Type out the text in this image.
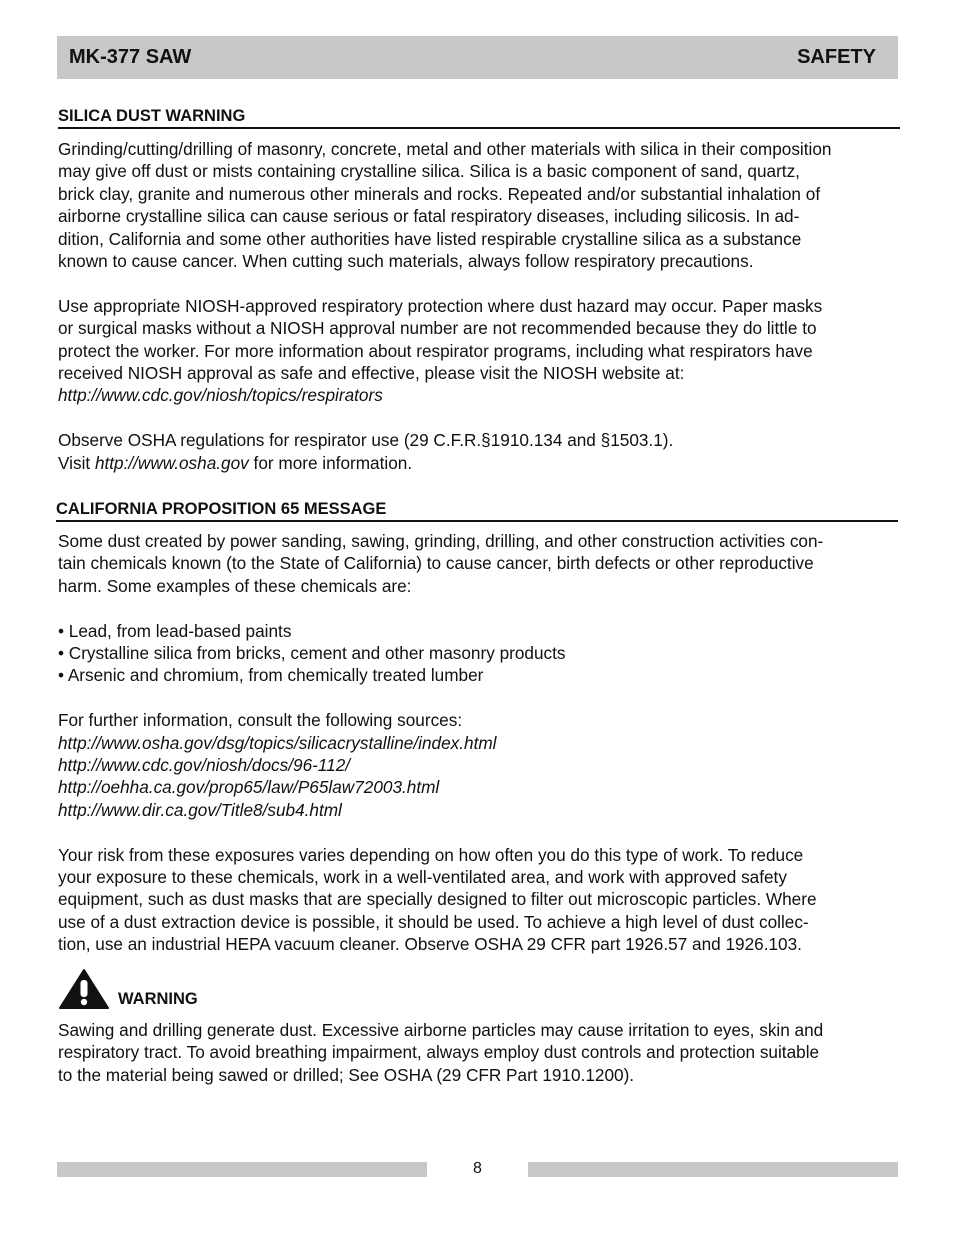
MK-377 SAW	SAFETY
SILICA DUST WARNING

Grinding/cutting/drilling of masonry, concrete, metal and other materials with silica in their composition
may give off dust or mists containing crystalline silica. Silica is a basic component of sand, quartz,
brick clay, granite and numerous other minerals and rocks. Repeated and/or substantial inhalation of
airborne crystalline silica can cause serious or fatal respiratory diseases, including silicosis. In ad-
dition, California and some other authorities have listed respirable crystalline silica as a substance
known to cause cancer. When cutting such materials, always follow respiratory precautions.

Use appropriate NIOSH-approved respiratory protection where dust hazard may occur. Paper masks
or surgical masks without a NIOSH approval number are not recommended because they do little to
protect the worker. For more information about respirator programs, including what respirators have
received NIOSH approval as safe and effective, please visit the NIOSH website at:
http://www.cdc.gov/niosh/topics/respirators

Observe OSHA regulations for respirator use (29 C.F.R.§1910.134 and §1503.1).
Visit http://www.osha.gov for more information.

CALIFORNIA PROPOSITION 65 MESSAGE

Some dust created by power sanding, sawing, grinding, drilling, and other construction activities con-
tain chemicals known (to the State of California) to cause cancer, birth defects or other reproductive
harm. Some examples of these chemicals are:

• Lead, from lead-based paints
• Crystalline silica from bricks, cement and other masonry products
• Arsenic and chromium, from chemically treated lumber

For further information, consult the following sources:
http://www.osha.gov/dsg/topics/silicacrystalline/index.html
http://www.cdc.gov/niosh/docs/96-112/
http://oehha.ca.gov/prop65/law/P65law72003.html
http://www.dir.ca.gov/Title8/sub4.html

Your risk from these exposures varies depending on how often you do this type of work. To reduce
your exposure to these chemicals, work in a well-ventilated area, and work with approved safety
equipment, such as dust masks that are specially designed to filter out microscopic particles. Where
use of a dust extraction device is possible, it should be used. To achieve a high level of dust collec-
tion, use an industrial HEPA vacuum cleaner. Observe OSHA 29 CFR part 1926.57 and 1926.103.

WARNING

Sawing and drilling generate dust. Excessive airborne particles may cause irritation to eyes, skin and
respiratory tract. To avoid breathing impairment, always employ dust controls and protection suitable
to the material being sawed or drilled; See OSHA (29 CFR Part 1910.1200).

8
